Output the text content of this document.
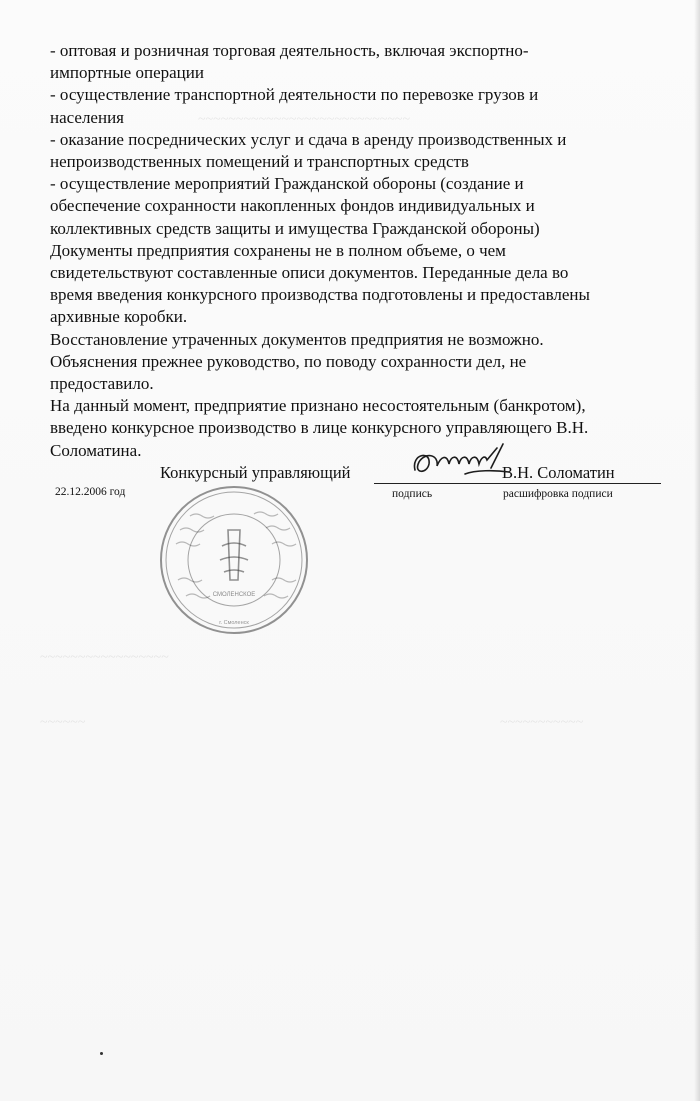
~~~~~~~~~~~~~~~~~~~~~~~~~~~~
~~~~~~~~~~~~~~~~~
~~~~~~	~~~~~~~~~~~
- оптовая и розничная торговая деятельность, включая экспортно-
импортные операции
- осуществление транспортной деятельности по перевозке грузов и
населения
- оказание посреднических услуг и сдача в аренду производственных и
непроизводственных помещений и транспортных средств
- осуществление мероприятий Гражданской обороны (создание и
обеспечение сохранности накопленных фондов индивидуальных и
коллективных средств защиты и имущества Гражданской обороны)
Документы предприятия сохранены не в полном объеме, о чем
свидетельствуют составленные описи документов. Переданные дела во
время введения конкурсного производства подготовлены и предоставлены
архивные коробки.
Восстановление утраченных документов предприятия не возможно.
Объяснения прежнее руководство, по поводу сохранности дел, не
предоставило.
На данный момент, предприятие признано несостоятельным (банкротом),
введено конкурсное производство в лице конкурсного управляющего В.Н.
Соломатина.
СМОЛЕНСКОЕ
г. Смоленск
Конкурсный управляющий	В.Н. Соломатин
22.12.2006 год	подпись	расшифровка подписи
